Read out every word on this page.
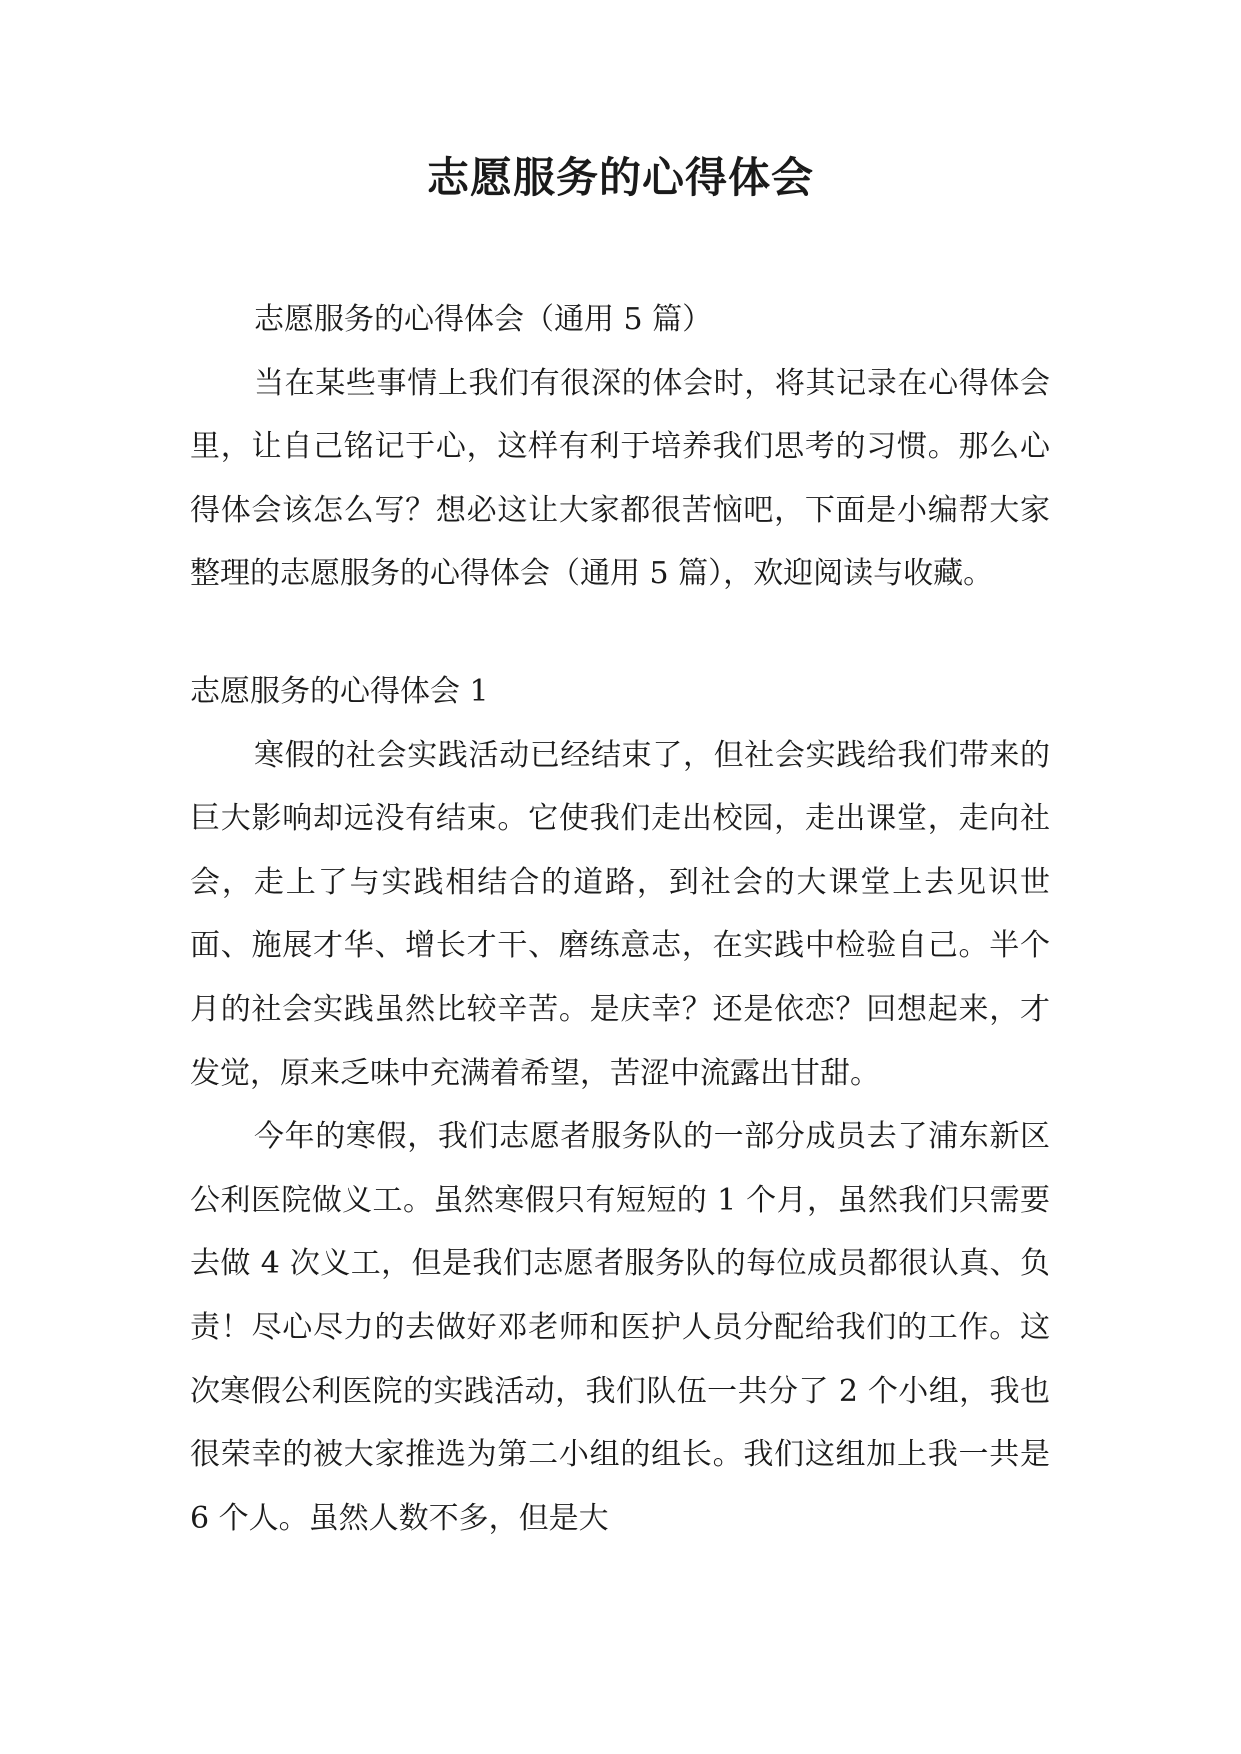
志愿服务的心得体会

志愿服务的心得体会（通用 5 篇）

当在某些事情上我们有很深的体会时，将其记录在心得体会里，让自己铭记于心，这样有利于培养我们思考的习惯。那么心得体会该怎么写？想必这让大家都很苦恼吧，下面是小编帮大家整理的志愿服务的心得体会（通用 5 篇），欢迎阅读与收藏。

志愿服务的心得体会 1

寒假的社会实践活动已经结束了，但社会实践给我们带来的巨大影响却远没有结束。它使我们走出校园，走出课堂，走向社会，走上了与实践相结合的道路，到社会的大课堂上去见识世面、施展才华、增长才干、磨练意志，在实践中检验自己。半个月的社会实践虽然比较辛苦。是庆幸？还是依恋？回想起来，才发觉，原来乏味中充满着希望，苦涩中流露出甘甜。

今年的寒假，我们志愿者服务队的一部分成员去了浦东新区公利医院做义工。虽然寒假只有短短的 1 个月，虽然我们只需要去做 4 次义工，但是我们志愿者服务队的每位成员都很认真、负责！尽心尽力的去做好邓老师和医护人员分配给我们的工作。这次寒假公利医院的实践活动，我们队伍一共分了 2 个小组，我也很荣幸的被大家推选为第二小组的组长。我们这组加上我一共是 6 个人。虽然人数不多，但是大
